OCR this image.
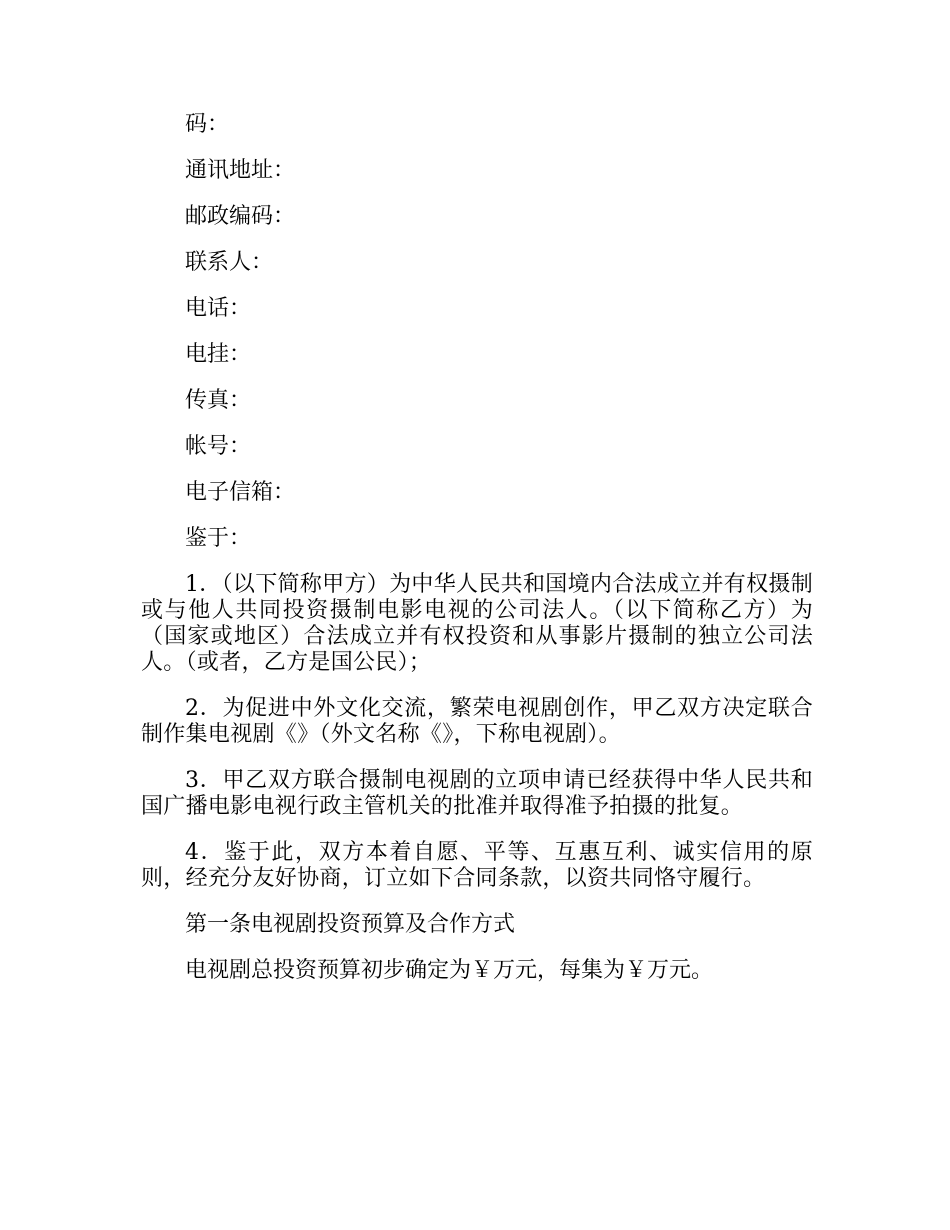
码：
通讯地址：
邮政编码：
联系人：
电话：
电挂：
传真：
帐号：
电子信箱：
鉴于：

1．（以下简称甲方）为中华人民共和国境内合法成立并有权摄制或与他人共同投资摄制电影电视的公司法人。（以下简称乙方）为（国家或地区）合法成立并有权投资和从事影片摄制的独立公司法人。（或者，乙方是国公民）；

2．为促进中外文化交流，繁荣电视剧创作，甲乙双方决定联合制作集电视剧《》（外文名称《》，下称电视剧）。

3．甲乙双方联合摄制电视剧的立项申请已经获得中华人民共和国广播电影电视行政主管机关的批准并取得准予拍摄的批复。

4．鉴于此，双方本着自愿、平等、互惠互利、诚实信用的原则，经充分友好协商，订立如下合同条款，以资共同恪守履行。

第一条电视剧投资预算及合作方式
电视剧总投资预算初步确定为￥万元，每集为￥万元。
